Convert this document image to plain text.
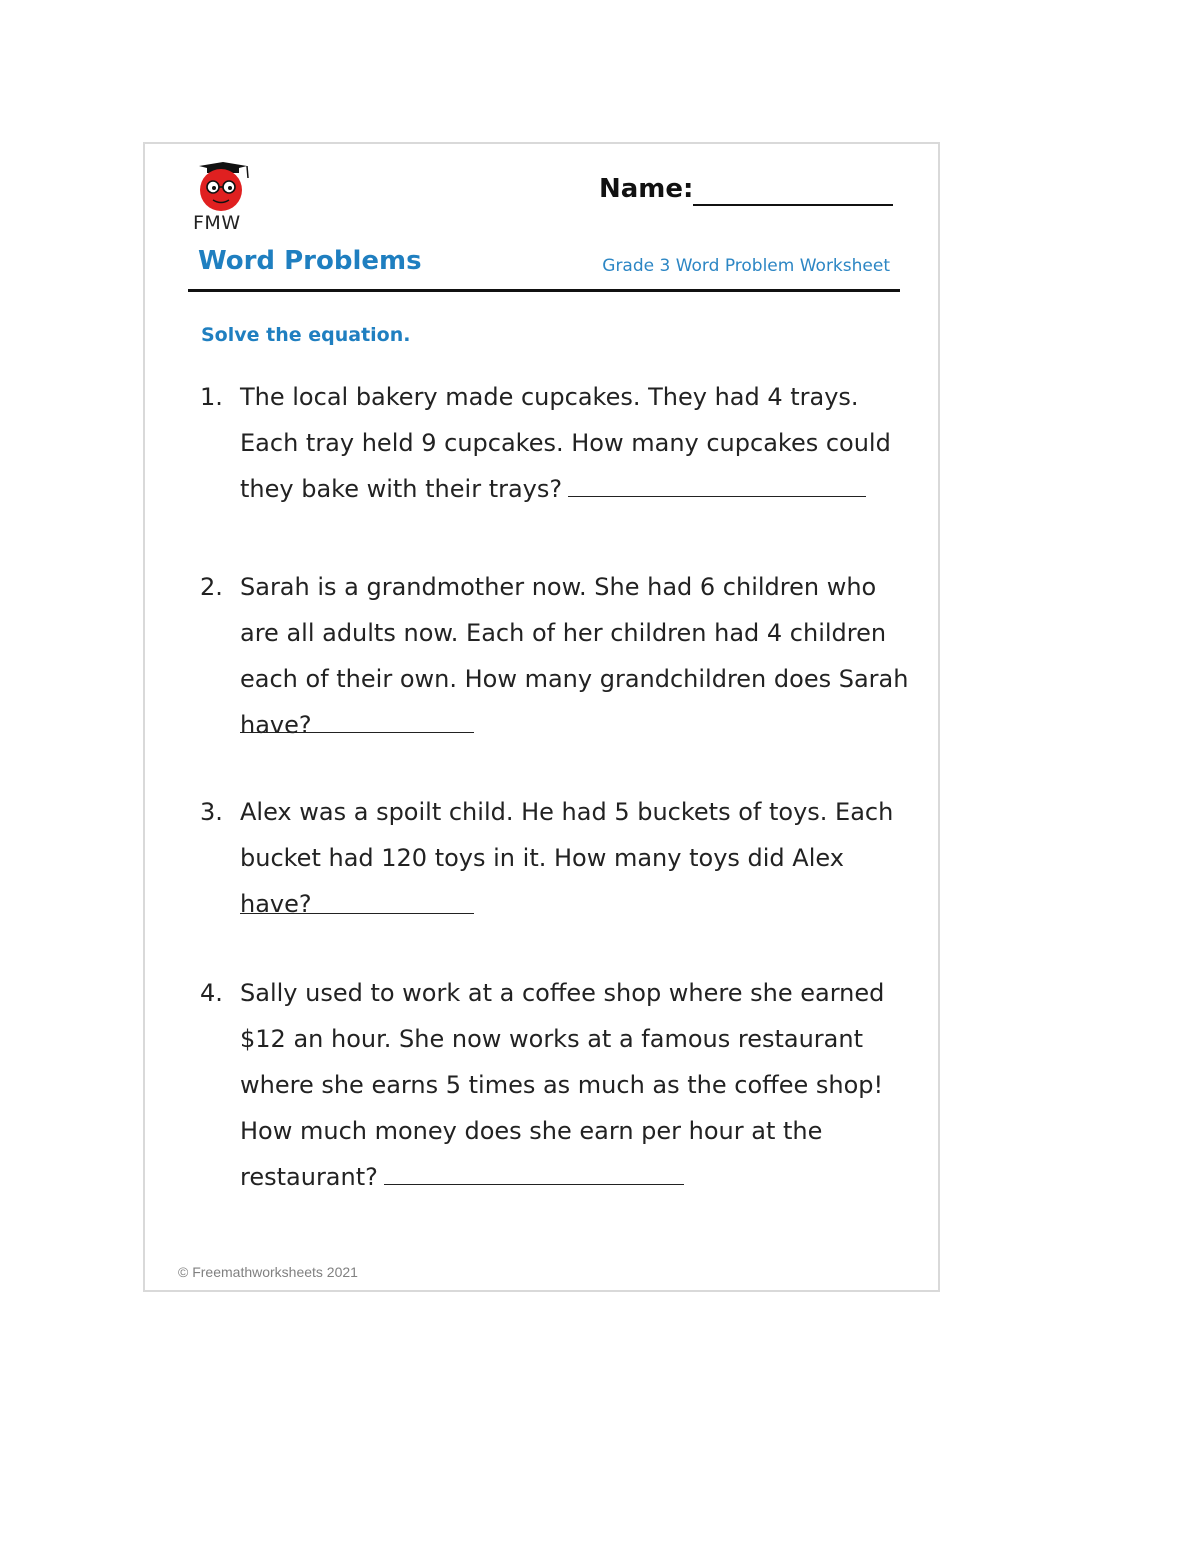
FMW
Name:
Word Problems	Grade 3 Word Problem Worksheet
Solve the equation.
1. The local bakery made cupcakes. They had 4 trays. Each tray held 9 cupcakes. How many cupcakes could they bake with their trays?
2. Sarah is a grandmother now. She had 6 children who are all adults now. Each of her children had 4 children each of their own. How many grandchildren does Sarah have?
3. Alex was a spoilt child. He had 5 buckets of toys. Each bucket had 120 toys in it. How many toys did Alex have?
4. Sally used to work at a coffee shop where she earned $12 an hour. She now works at a famous restaurant where she earns 5 times as much as the coffee shop! How much money does she earn per hour at the restaurant?
© Freemathworksheets 2021
